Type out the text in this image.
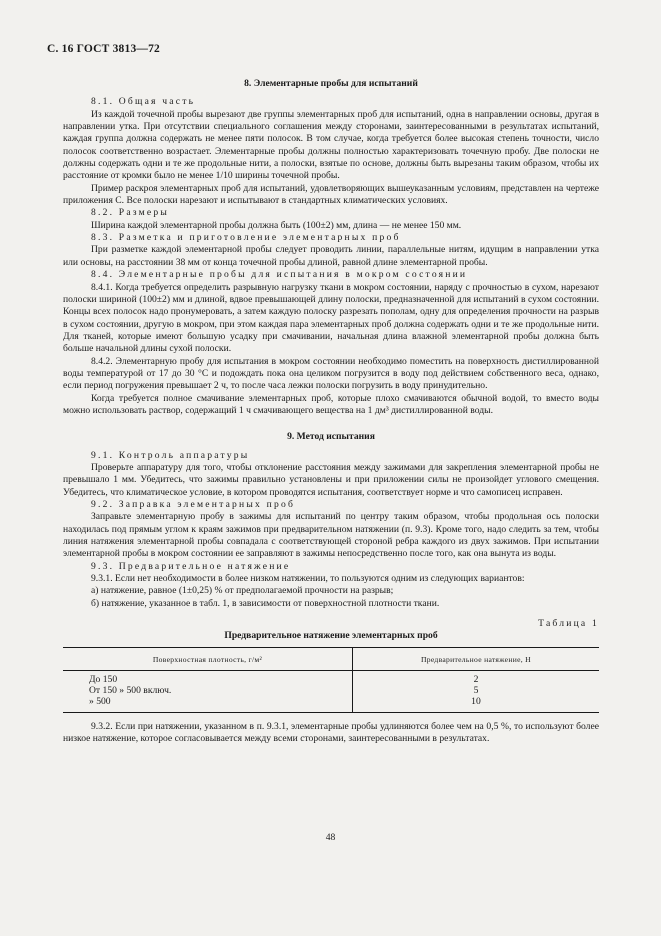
С. 16 ГОСТ 3813—72
8. Элементарные пробы для испытаний
8.1. Общая часть

Из каждой точечной пробы вырезают две группы элементарных проб для испытаний, одна в направлении основы, другая в направлении утка. При отсутствии специального соглашения между сторонами, заинтересованными в результатах испытаний, каждая группа должна содержать не менее пяти полосок. В том случае, когда требуется более высокая степень точности, число полосок соответственно возрастает. Элементарные пробы должны полностью характеризовать точечную пробу. Две полоски не должны содержать одни и те же продольные нити, а полоски, взятые по основе, должны быть вырезаны таким образом, чтобы их расстояние от кромки было не менее 1/10 ширины точечной пробы.

Пример раскроя элементарных проб для испытаний, удовлетворяющих вышеуказанным условиям, представлен на чертеже приложения С. Все полоски нарезают и испытывают в стандартных климатических условиях.

8.2. Размеры

Ширина каждой элементарной пробы должна быть (100±2) мм, длина — не менее 150 мм.

8.3. Разметка и приготовление элементарных проб

При разметке каждой элементарной пробы следует проводить линии, параллельные нитям, идущим в направлении утка или основы, на расстоянии 38 мм от конца точечной пробы длиной, равной длине элементарной пробы.

8.4. Элементарные пробы для испытания в мокром состоянии

8.4.1. Когда требуется определить разрывную нагрузку ткани в мокром состоянии, наряду с прочностью в сухом, нарезают полоски шириной (100±2) мм и длиной, вдвое превышающей длину полоски, предназначенной для испытаний в сухом состоянии. Концы всех полосок надо пронумеровать, а затем каждую полоску разрезать пополам, одну для определения прочности на разрыв в сухом состоянии, другую в мокром, при этом каждая пара элементарных проб должна содержать одни и те же продольные нити. Для тканей, которые имеют большую усадку при смачивании, начальная длина влажной элементарной пробы должна быть больше начальной длины сухой полоски.

8.4.2. Элементарную пробу для испытания в мокром состоянии необходимо поместить на поверхность дистиллированной воды температурой от 17 до 30 °С и подождать пока она целиком погрузится в воду под действием собственного веса, однако, если период погружения превышает 2 ч, то после часа лежки полоски погрузить в воду принудительно.

Когда требуется полное смачивание элементарных проб, которые плохо смачиваются обычной водой, то вместо воды можно использовать раствор, содержащий 1 ч смачивающего вещества на 1 дм³ дистиллированной воды.

9. Метод испытания
9.1. Контроль аппаратуры

Проверьте аппаратуру для того, чтобы отклонение расстояния между зажимами для закрепления элементарной пробы не превышало 1 мм. Убедитесь, что зажимы правильно установлены и при приложении силы не произойдет углового смещения. Убедитесь, что климатическое условие, в котором проводятся испытания, соответствует норме и что самописец исправен.

9.2. Заправка элементарных проб

Заправьте элементарную пробу в зажимы для испытаний по центру таким образом, чтобы продольная ось полоски находилась под прямым углом к краям зажимов при предварительном натяжении (п. 9.3). Кроме того, надо следить за тем, чтобы линия натяжения элементарной пробы совпадала с соответствующей стороной ребра каждого из двух зажимов. При испытании элементарной пробы в мокром состоянии ее заправляют в зажимы непосредственно после того, как она вынута из воды.

9.3. Предварительное натяжение

9.3.1. Если нет необходимости в более низком натяжении, то пользуются одним из следующих вариантов:

а) натяжение, равное (1±0,25) % от предполагаемой прочности на разрыв;

б) натяжение, указанное в табл. 1, в зависимости от поверхностной плотности ткани.

Таблица 1
Предварительное натяжение элементарных проб
Поверхностная плотность, г/м²	Предварительное натяжение, Н
До 150	2
От 150 » 500 включ.	5
» 500	10

9.3.2. Если при натяжении, указанном в п. 9.3.1, элементарные пробы удлиняются более чем на 0,5 %, то используют более низкое натяжение, которое согласовывается между всеми сторонами, заинтересованными в результатах.

48
